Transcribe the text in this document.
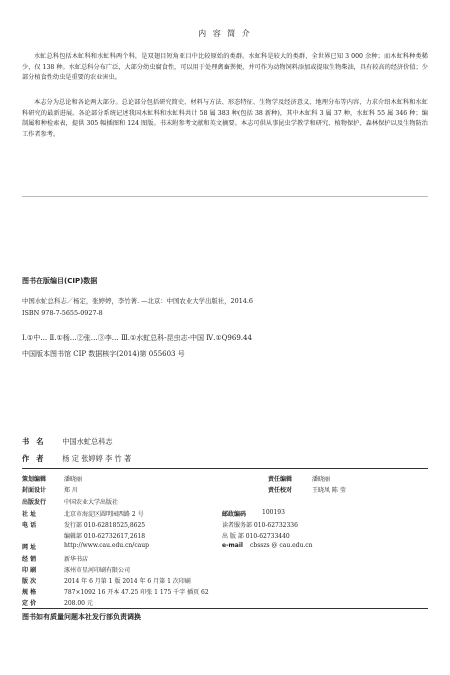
内 容 简 介

水虻总科包括木虻科和水虻科两个科，是双翅目短角亚目中比较原始的类群。水虻科是较大的类群，全世界已知 3 000 余种；而木虻科种类稀少，仅 138 种。水虻总科分布广泛，大部分幼虫腐食性，可以用于处理禽畜粪便，并可作为动物饲料添加或提取生物柴油，具有较高的经济价值；少部分植食性幼虫是重要的农业害虫。

本志分为总论和各论两大部分。总论部分包括研究简史、材料与方法、形态特征、生物学及经济意义、地理分布等内容，力求介绍木虻科和水虻科研究的最新进展。各论部分系统记述我国木虻科和水虻科共计 58 属 383 种(包括 38 新种)，其中木虻科 3 属 37 种，水虻科 55 属 346 种；编制属和种检索表，提供 305 幅插图和 124 图版。书末附参考文献和英文摘要。本志可供从事昆虫学教学和研究、植物保护、森林保护以及生物防治工作者参考。

图书在版编目(CIP)数据
中国水虻总科志／杨定，张婷婷，李竹著. —北京：中国农业大学出版社，2014.6
ISBN 978-7-5655-0927-8
Ⅰ.①中… Ⅱ.①杨…②张…③李… Ⅲ.①水虻总科-昆虫志-中国 Ⅳ.①Q969.44
中国版本图书馆 CIP 数据核字(2014)第 055603 号
书名 中国水虻总科志
作者 杨 定 张婷婷 李 竹 著
策划编辑	潘晓丽
封面设计	郑 川
出版发行	中国农业大学出版社
社 址	北京市海淀区圆明园西路 2 号
电 话	发行部 010-62818525,8625
编辑部 010-62732617,2618
网 址	http://www.cau.edu.cn/caup
经 销	新华书店
印 刷	涿州市星河印刷有限公司
版 次	2014 年 6 月第 1 版 2014 年 6 月第 1 次印刷
规 格	787×1092 16 开本 47.25 印张 1 175 千字 插页 62
责任编辑	潘晓丽
责任校对	王晓凤 陈 莹
邮政编码	100193
读者服务部 010-62732336
出 版 部 010-62733440
e-mail cbsszs @ cau.edu.cn
图书如有质量问题本社发行部负责调换
定 价	208.00 元
